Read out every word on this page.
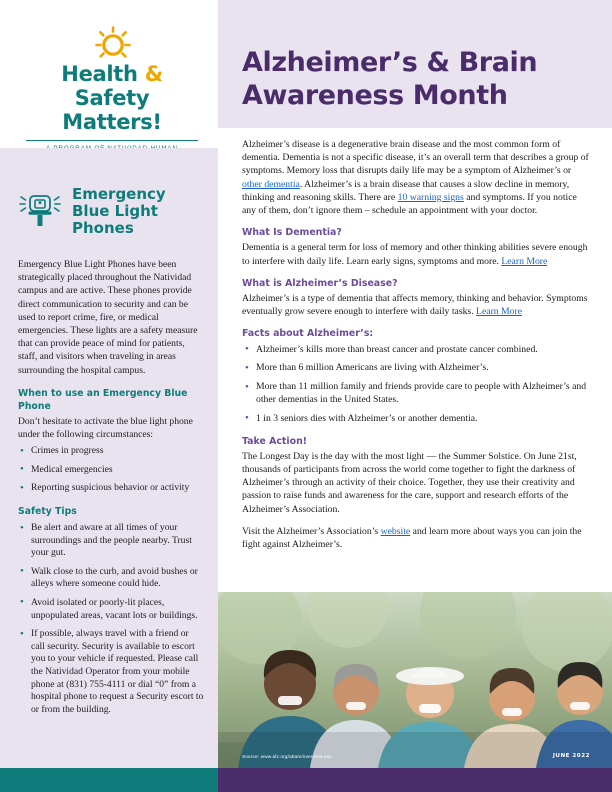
Health & Safety
Matters!
Emergency Blue Light Phones
Emergency Blue Light Phones have been strategically placed throughout the Natividad campus and are active. These phones provide direct communication to security and can be used to report crime, fire, or medical emergencies. These lights are a safety measure that can provide peace of mind for patients, staff, and visitors when traveling in areas surrounding the hospital campus.
When to use an Emergency Blue Phone
Don’t hesitate to activate the blue light phone under the following circumstances:
• Crimes in progress
• Medical emergencies
• Reporting suspicious behavior or activity
Safety Tips
• Be alert and aware at all times of your surroundings and the people nearby. Trust your gut.
• Walk close to the curb, and avoid bushes or alleys where someone could hide.
• Avoid isolated or poorly-lit places, unpopulated areas, vacant lots or buildings.
• If possible, always travel with a friend or call security. Security is available to escort you to your vehicle if requested. Please call the Natividad Operator from your mobile phone at (831) 755-4111 or dial “0” from a hospital phone to request a Security escort to or from the building.
Alzheimer’s & Brain
Awareness Month

Alzheimer’s disease is a degenerative brain disease and the most common form of dementia. Dementia is not a specific disease, it’s an overall term that describes a group of symptoms. Memory loss that disrupts daily life may be a symptom of Alzheimer’s or other dementia. Alzheimer’s is a brain disease that causes a slow decline in memory, thinking and reasoning skills. There are 10 warning signs and symptoms. If you notice any of them, don’t ignore them – schedule an appointment with your doctor.

What Is Dementia?

Dementia is a general term for loss of memory and other thinking abilities severe enough to interfere with daily life. Learn early signs, symptoms and more. Learn More

What is Alzheimer’s Disease?

Alzheimer’s is a type of dementia that affects memory, thinking and behavior. Symptoms eventually grow severe enough to interfere with daily tasks. Learn More

Facts about Alzheimer’s:
• Alzheimer’s kills more than breast cancer and prostate cancer combined.
• More than 6 million Americans are living with Alzheimer’s.
• More than 11 million family and friends provide care to people with Alzheimer’s and other dementias in the United States.
• 1 in 3 seniors dies with Alzheimer’s or another dementia.
Take Action!

The Longest Day is the day with the most light — the Summer Solstice. On June 21st, thousands of participants from across the world come together to fight the darkness of Alzheimer’s through an activity of their choice. Together, they use their creativity and passion to raise funds and awareness for the care, support and research efforts of the Alzheimer’s Association.

Visit the Alzheimer’s Association’s website and learn more about ways you can join the fight against Alzheimer’s.

Source: www.alz.org/abam/overview.asp	JUNE 2022
